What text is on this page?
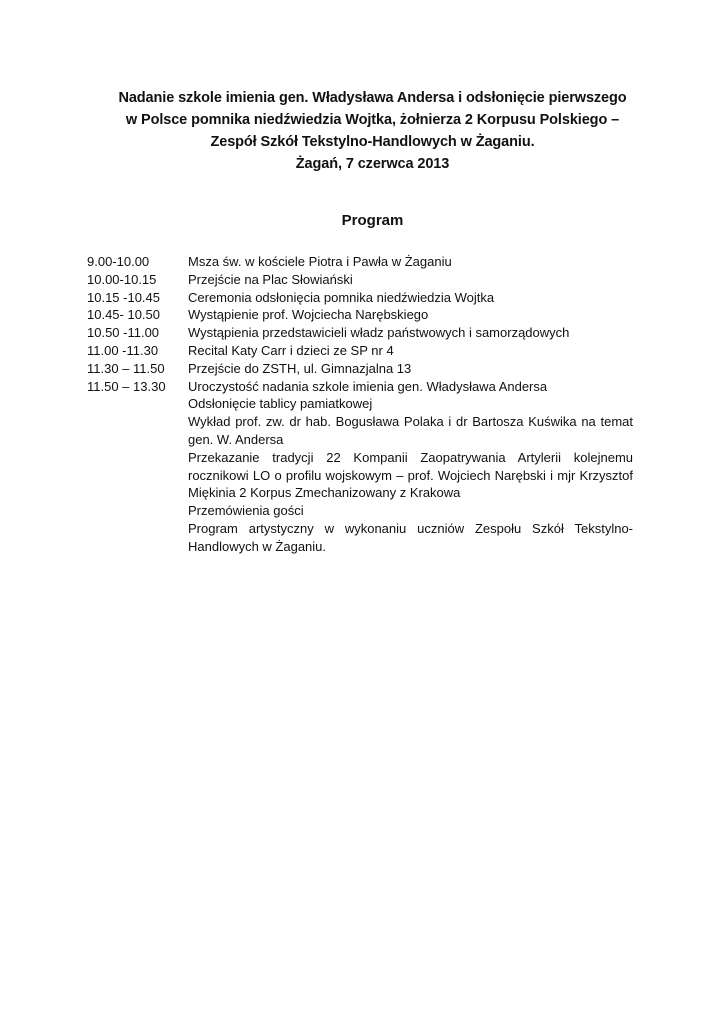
Nadanie szkole imienia gen. Władysława Andersa i odsłonięcie pierwszego
w Polsce pomnika niedźwiedzia Wojtka, żołnierza 2 Korpusu Polskiego –
Zespół Szkół Tekstylno-Handlowych w Żaganiu.
Żagań, 7 czerwca 2013
Program
9.00-10.00	Msza św. w kościele Piotra i Pawła w Żaganiu
10.00-10.15	Przejście na Plac Słowiański
10.15 -10.45	Ceremonia odsłonięcia pomnika niedźwiedzia Wojtka
10.45- 10.50	Wystąpienie prof. Wojciecha Narębskiego
10.50 -11.00	Wystąpienia przedstawicieli władz państwowych i samorządowych
11.00 -11.30	Recital Katy Carr i dzieci ze SP nr 4
11.30 – 11.50	Przejście do ZSTH, ul. Gimnazjalna 13
11.50 – 13.30	Uroczystość nadania szkole imienia gen. Władysława Andersa
Odsłonięcie tablicy pamiatkowej
Wykład prof. zw. dr hab. Bogusława Polaka i dr Bartosza Kuświka na temat gen. W. Andersa
Przekazanie tradycji 22 Kompanii Zaopatrywania Artylerii kolejnemu rocznikowi LO o profilu wojskowym – prof. Wojciech Narębski i mjr Krzysztof Miękinia 2 Korpus Zmechanizowany z Krakowa
Przemówienia gości
Program artystyczny w wykonaniu uczniów Zespołu Szkół Tekstylno-Handlowych w Żaganiu.
